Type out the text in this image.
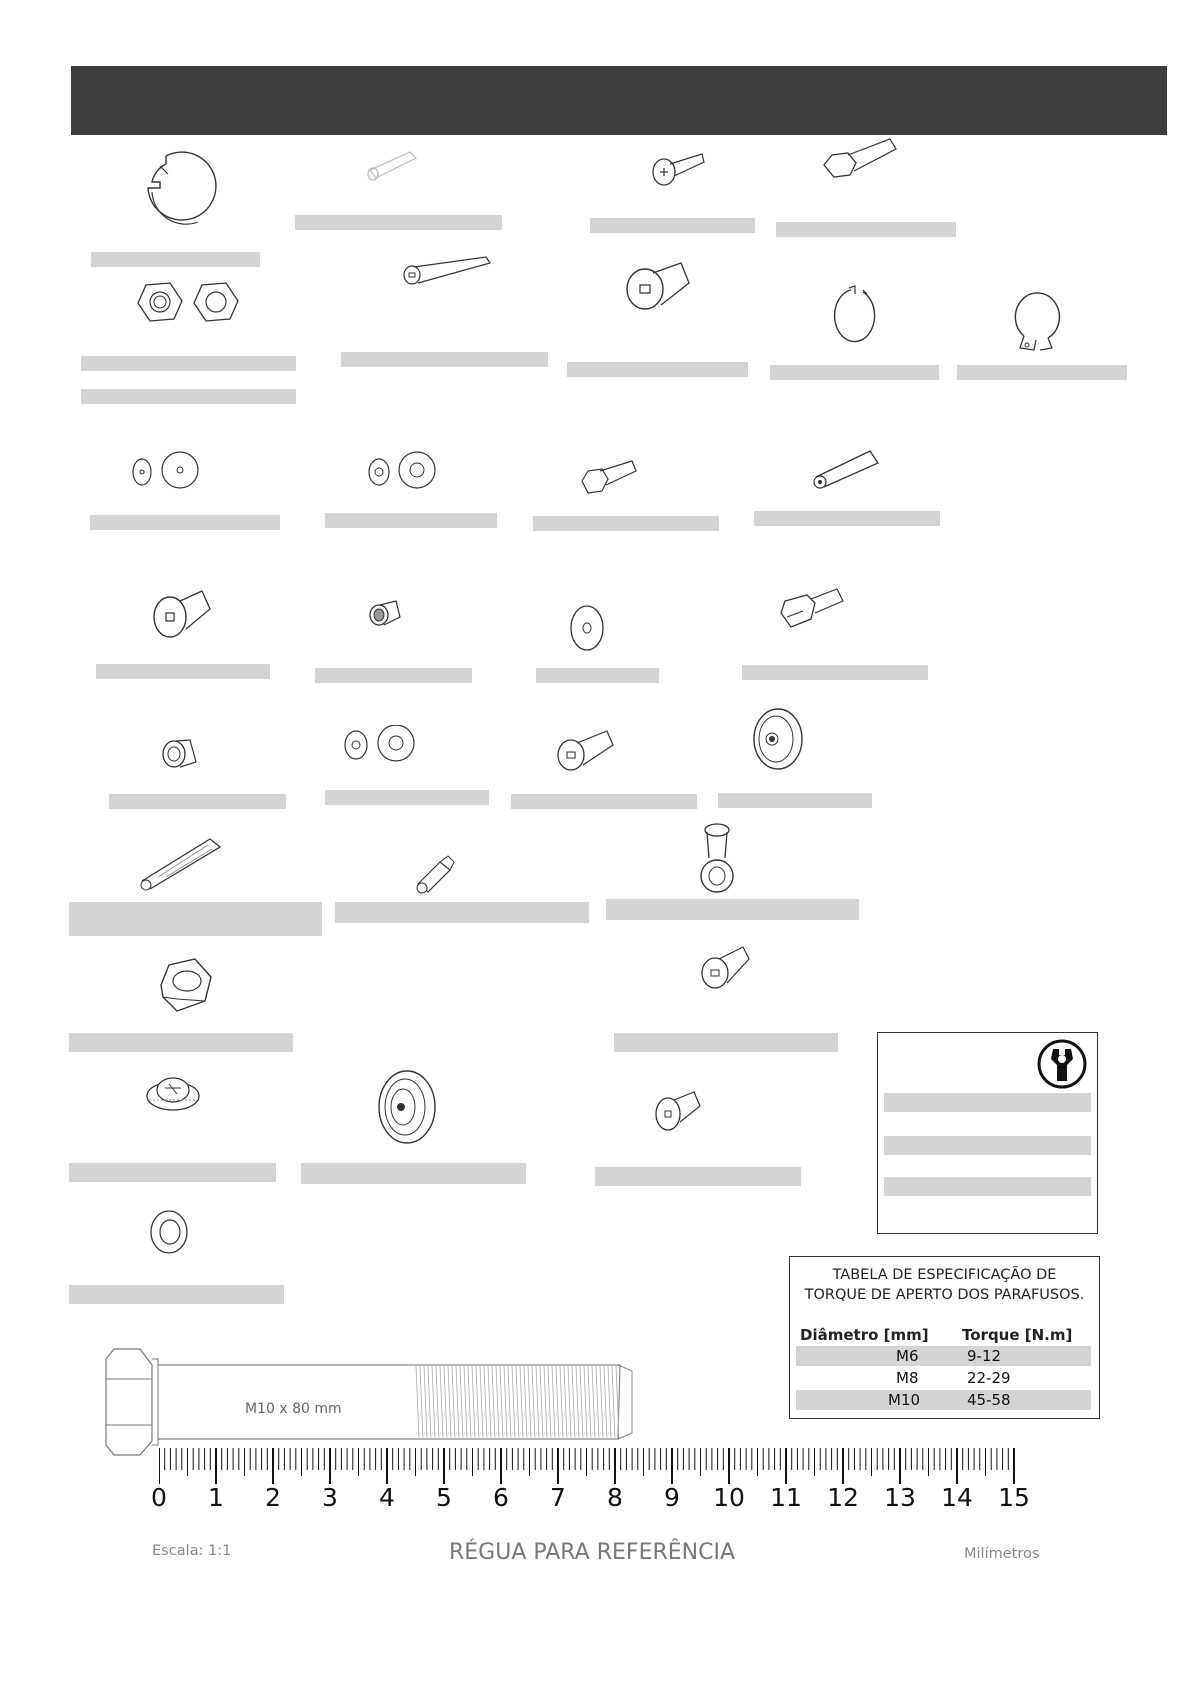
TABELA DE ESPECIFICAÇÃO DE
TORQUE DE APERTO DOS PARAFUSOS.
Diâmetro [mm] Torque [N.m]
M6	9-12
M8	22-29
M10	45-58
M10 x 80 mm
0	1	2	3	4	5	6	7	8	9	10 11 12 13 14 15
Escala: 1:1	RÉGUA PARA REFERÊNCIA	Milímetros
